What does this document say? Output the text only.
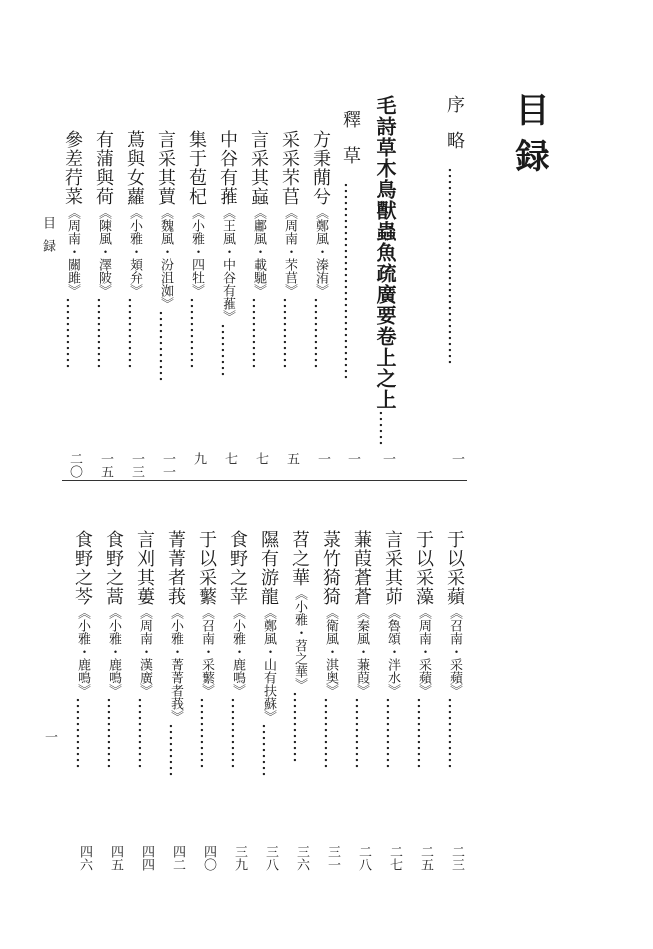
目録
目録
一
序略……………………………
一
毛詩草木鳥獸蟲魚疏廣要卷上之上……
一
釋草……………………………
一
方秉蕑兮《鄭風・溱洧》…………
一
采采芣苢《周南・芣苢》…………
五
言采其蝱《鄘風・載馳》…………
七
中谷有蓷《王風・中谷有蓷》………
七
集于苞杞《小雅・四牡》…………
九
言采其蕒《魏風・汾沮洳》…………
一一
蔦與女蘿《小雅・頍弁》…………
一三
有蒲與荷《陳風・澤陂》…………
一五
參差荇菜《周南・關雎》…………
二〇
于以采蘋《召南・采蘋》…………
二三
于以采藻《周南・采蘋》…………
二五
言采其茆《魯頌・泮水》…………
二七
蒹葭蒼蒼《秦風・蒹葭》…………
二八
菉竹猗猗《衛風・淇奥》…………
三一
苕之華《小雅・苕之華》…………
三六
隰有游龍《鄭風・山有扶蘇》………
三八
食野之苹《小雅・鹿鳴》…………
三九
于以采蘩《召南・采蘩》…………
四〇
菁菁者莪《小雅・菁菁者莪》………
四二
言刈其蔞《周南・漢廣》…………
四四
食野之蒿《小雅・鹿鳴》…………
四五
食野之芩《小雅・鹿鳴》…………
四六
